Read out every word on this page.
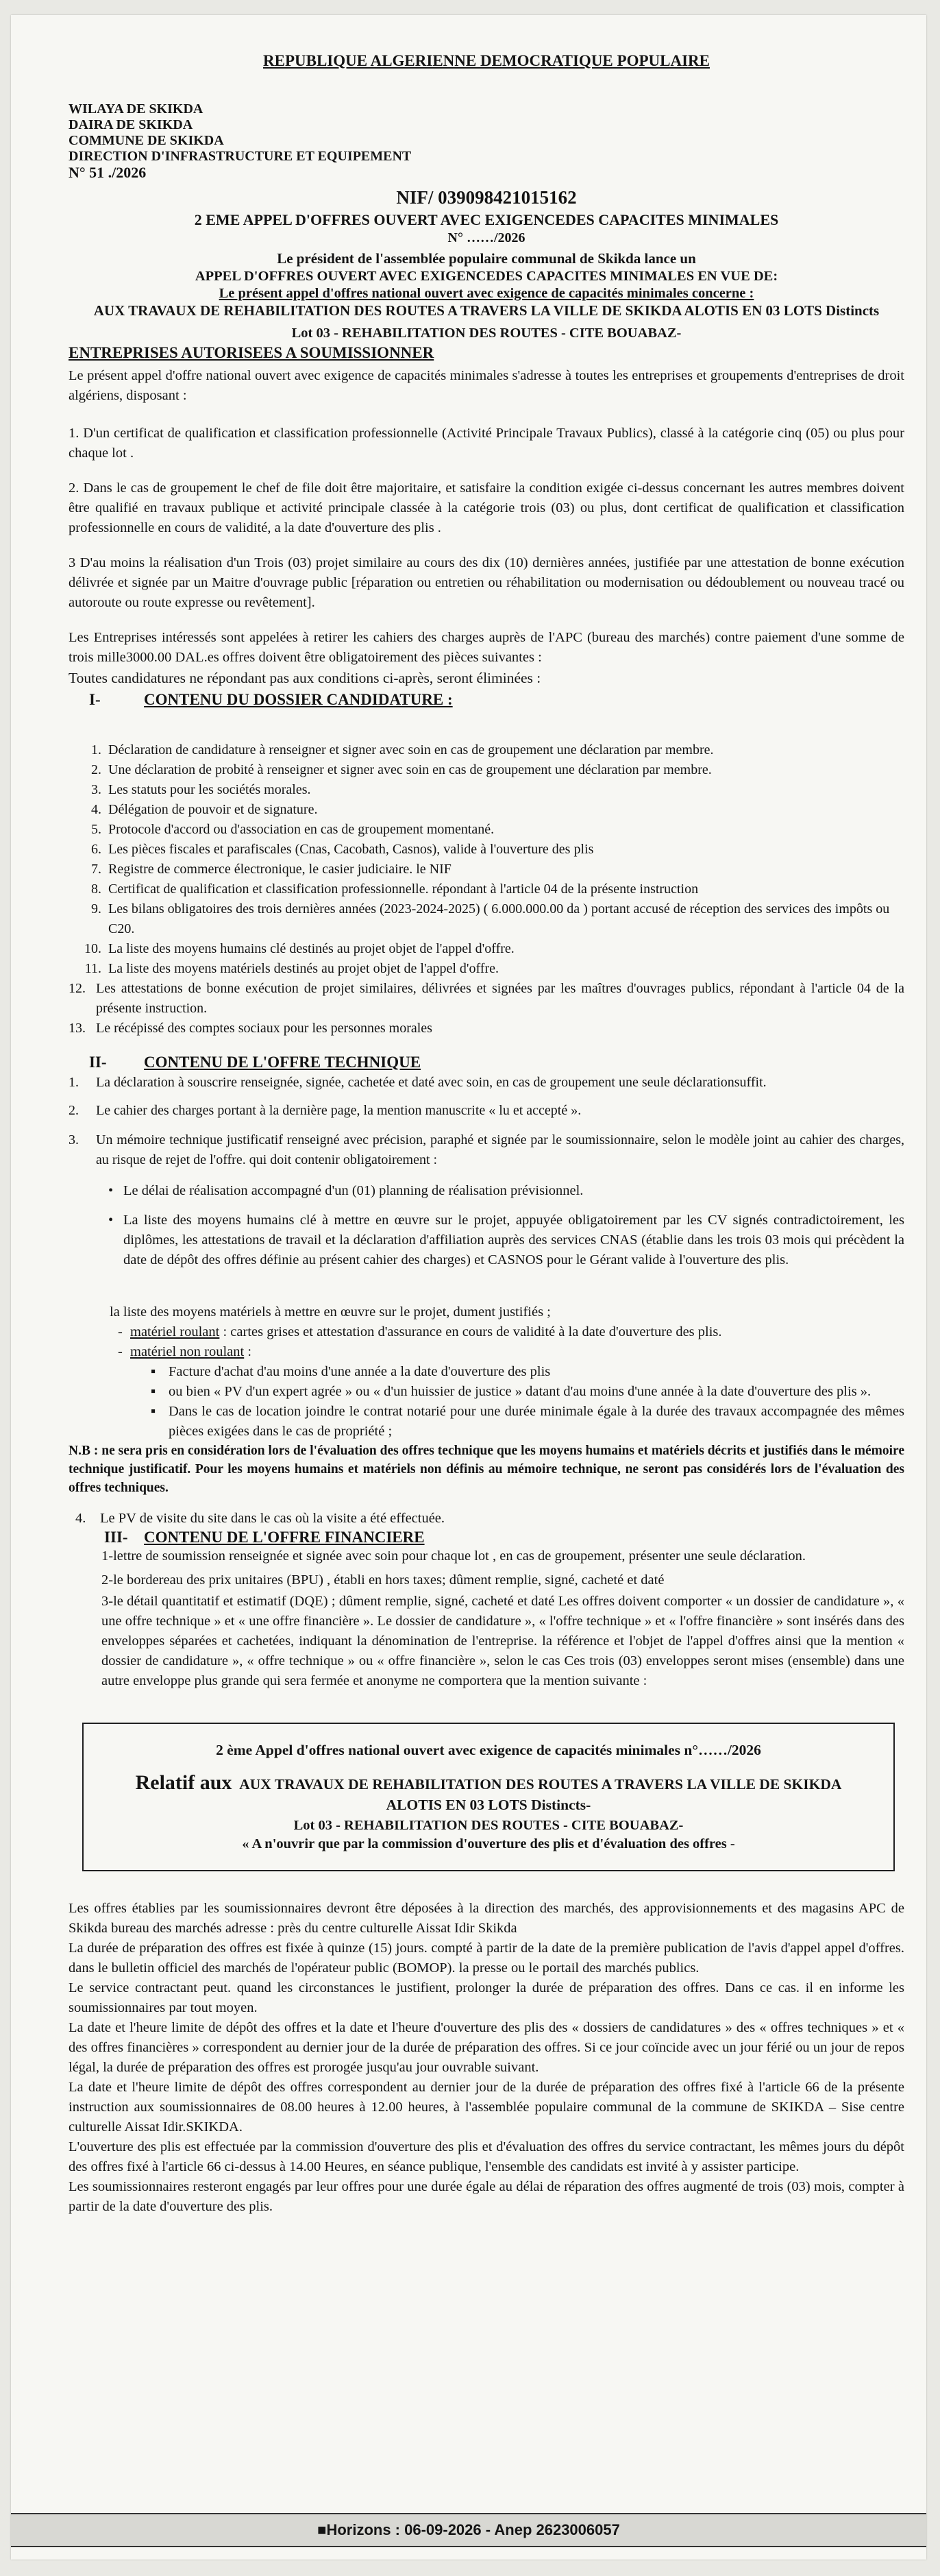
REPUBLIQUE ALGERIENNE DEMOCRATIQUE POPULAIRE

WILAYA DE SKIKDA
DAIRA DE SKIKDA
COMMUNE DE SKIKDA
DIRECTION D'INFRASTRUCTURE ET EQUIPEMENT
N° 51 ./2026

NIF/ 039098421015162

2 EME APPEL D'OFFRES OUVERT AVEC EXIGENCEDES CAPACITES MINIMALES

N° ……/2026

Le président de l'assemblée populaire communal de Skikda lance un

APPEL D'OFFRES OUVERT AVEC EXIGENCEDES CAPACITES MINIMALES EN VUE DE:

Le présent appel d'offres national ouvert avec exigence de capacités minimales concerne :

AUX TRAVAUX DE REHABILITATION DES ROUTES A TRAVERS LA VILLE DE SKIKDA ALOTIS EN 03 LOTS Distincts

Lot 03 - REHABILITATION DES ROUTES - CITE BOUABAZ-

ENTREPRISES AUTORISEES A SOUMISSIONNER

Le présent appel d'offre national ouvert avec exigence de capacités minimales s'adresse à toutes les entreprises et groupements d'entreprises de droit algériens, disposant :

1. D'un certificat de qualification et classification professionnelle (Activité Principale Travaux Publics), classé à la catégorie cinq (05) ou plus pour chaque lot .

2. Dans le cas de groupement le chef de file doit être majoritaire, et satisfaire la condition exigée ci-dessus concernant les autres membres doivent être qualifié en travaux publique et activité principale classée à la catégorie trois (03) ou plus, dont certificat de qualification et classification professionnelle en cours de validité, a la date d'ouverture des plis .

3 D'au moins la réalisation d'un Trois (03) projet similaire au cours des dix (10) dernières années, justifiée par une attestation de bonne exécution délivrée et signée par un Maitre d'ouvrage public [réparation ou entretien ou réhabilitation ou modernisation ou dédoublement ou nouveau tracé ou autoroute ou route expresse ou revêtement].

Les Entreprises intéressés sont appelées à retirer les cahiers des charges auprès de l'APC (bureau des marchés) contre paiement d'une somme de trois mille3000.00 DAL.es offres doivent être obligatoirement des pièces suivantes :

Toutes candidatures ne répondant pas aux conditions ci-après, seront éliminées :

I-	CONTENU DU DOSSIER CANDIDATURE :

1. Déclaration de candidature à renseigner et signer avec soin en cas de groupement une déclaration par membre.
2. Une déclaration de probité à renseigner et signer avec soin en cas de groupement une déclaration par membre.
3. Les statuts pour les sociétés morales.
4. Délégation de pouvoir et de signature.
5. Protocole d'accord ou d'association en cas de groupement momentané.
6. Les pièces fiscales et parafiscales (Cnas, Cacobath, Casnos), valide à l'ouverture des plis
7. Registre de commerce électronique, le casier judiciaire. le NIF
8. Certificat de qualification et classification professionnelle. répondant à l'article 04 de la présente instruction
9. Les bilans obligatoires des trois dernières années (2023-2024-2025) ( 6.000.000.00 da ) portant accusé de réception des services des impôts ou C20.
10. La liste des moyens humains clé destinés au projet objet de l'appel d'offre.
11. La liste des moyens matériels destinés au projet objet de l'appel d'offre.
12. Les attestations de bonne exécution de projet similaires, délivrées et signées par les maîtres d'ouvrages publics, répondant à l'article 04 de la présente instruction.
13. Le récépissé des comptes sociaux pour les personnes morales

II- CONTENU DE L'OFFRE TECHNIQUE

1.	La déclaration à souscrire renseignée, signée, cachetée et daté avec soin, en cas de groupement une seule déclarationsuffit.
2.	Le cahier des charges portant à la dernière page, la mention manuscrite « lu et accepté ».
3.	Un mémoire technique justificatif renseigné avec précision, paraphé et signée par le soumissionnaire, selon le modèle joint au cahier des charges, au risque de rejet de l'offre. qui doit contenir obligatoirement :

• Le délai de réalisation accompagné d'un (01) planning de réalisation prévisionnel.

• La liste des moyens humains clé à mettre en œuvre sur le projet, appuyée obligatoirement par les CV signés contradictoirement, les diplômes, les attestations de travail et la déclaration d'affiliation auprès des services CNAS (établie dans les trois 03 mois qui précèdent la date de dépôt des offres définie au présent cahier des charges) et CASNOS pour le Gérant valide à l'ouverture des plis.

la liste des moyens matériels à mettre en œuvre sur le projet, dument justifiés ;

- matériel roulant : cartes grises et attestation d'assurance en cours de validité à la date d'ouverture des plis.

- matériel non roulant :

▪ Facture d'achat d'au moins d'une année a la date d'ouverture des plis

▪ ou bien « PV d'un expert agrée » ou « d'un huissier de justice » datant d'au moins d'une année à la date d'ouverture des plis ».

▪ Dans le cas de location joindre le contrat notarié pour une durée minimale égale à la durée des travaux accompagnée des mêmes pièces exigées dans le cas de propriété ;

N.B : ne sera pris en considération lors de l'évaluation des offres technique que les moyens humains et matériels décrits et justifiés dans le mémoire technique justificatif. Pour les moyens humains et matériels non définis au mémoire technique, ne seront pas considérés lors de l'évaluation des offres techniques.

4. Le PV de visite du site dans le cas où la visite a été effectuée.

III- CONTENU DE L'OFFRE FINANCIERE

1-lettre de soumission renseignée et signée avec soin pour chaque lot , en cas de groupement, présenter une seule déclaration.

2-le bordereau des prix unitaires (BPU) , établi en hors taxes; dûment remplie, signé, cacheté et daté

3-le détail quantitatif et estimatif (DQE) ; dûment remplie, signé, cacheté et daté Les offres doivent comporter « un dossier de candidature », « une offre technique » et « une offre financière ». Le dossier de candidature », « l'offre technique » et « l'offre financière » sont insérés dans des enveloppes séparées et cachetées, indiquant la dénomination de l'entreprise. la référence et l'objet de l'appel d'offres ainsi que la mention « dossier de candidature », « offre technique » ou « offre financière », selon le cas Ces trois (03) enveloppes seront mises (ensemble) dans une autre enveloppe plus grande qui sera fermée et anonyme ne comportera que la mention suivante :

2 ème Appel d'offres national ouvert avec exigence de capacités minimales n°……/2026

Relatif aux AUX TRAVAUX DE REHABILITATION DES ROUTES A TRAVERS LA VILLE DE SKIKDA ALOTIS EN 03 LOTS Distincts-

Lot 03 - REHABILITATION DES ROUTES - CITE BOUABAZ-

« A n'ouvrir que par la commission d'ouverture des plis et d'évaluation des offres -

Les offres établies par les soumissionnaires devront être déposées à la direction des marchés, des approvisionnements et des magasins APC de Skikda bureau des marchés adresse : près du centre culturelle Aissat Idir Skikda

La durée de préparation des offres est fixée à quinze (15) jours. compté à partir de la date de la première publication de l'avis d'appel appel d'offres. dans le bulletin officiel des marchés de l'opérateur public (BOMOP). la presse ou le portail des marchés publics.

Le service contractant peut. quand les circonstances le justifient, prolonger la durée de préparation des offres. Dans ce cas. il en informe les soumissionnaires par tout moyen.

La date et l'heure limite de dépôt des offres et la date et l'heure d'ouverture des plis des « dossiers de candidatures » des « offres techniques » et « des offres financières » correspondent au dernier jour de la durée de préparation des offres. Si ce jour coïncide avec un jour férié ou un jour de repos légal, la durée de préparation des offres est prorogée jusqu'au jour ouvrable suivant.

La date et l'heure limite de dépôt des offres correspondent au dernier jour de la durée de préparation des offres fixé à l'article 66 de la présente instruction aux soumissionnaires de 08.00 heures à 12.00 heures, à l'assemblée populaire communal de la commune de SKIKDA – Sise centre culturelle Aissat Idir.SKIKDA.

L'ouverture des plis est effectuée par la commission d'ouverture des plis et d'évaluation des offres du service contractant, les mêmes jours du dépôt des offres fixé à l'article 66 ci-dessus à 14.00 Heures, en séance publique, l'ensemble des candidats est invité à y assister participe.

Les soumissionnaires resteront engagés par leur offres pour une durée égale au délai de réparation des offres augmenté de trois (03) mois, compter à partir de la date d'ouverture des plis.

■Horizons : 06-09-2026 - Anep 2623006057
